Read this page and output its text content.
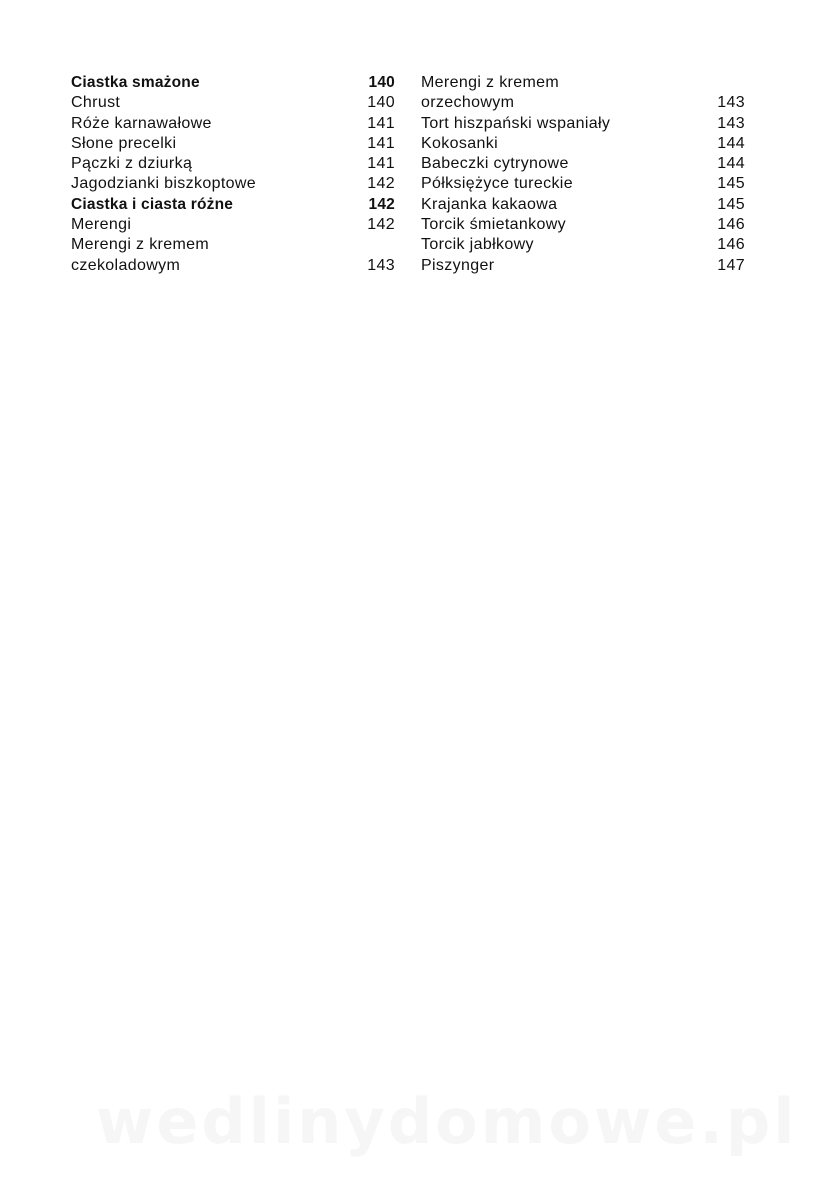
Ciastka smażone	140
Chrust	140
Róże karnawałowe	141
Słone precelki	141
Pączki z dziurką	141
Jagodzianki biszkoptowe	142
Ciastka i ciasta różne	142
Merengi	142
Merengi z kremem
czekoladowym	143
Merengi z kremem
orzechowym	143
Tort hiszpański wspaniały	143
Kokosanki	144
Babeczki cytrynowe	144
Półksiężyce tureckie	145
Krajanka kakaowa	145
Torcik śmietankowy	146
Torcik jabłkowy	146
Piszynger	147
wedlinydomowe.pl
